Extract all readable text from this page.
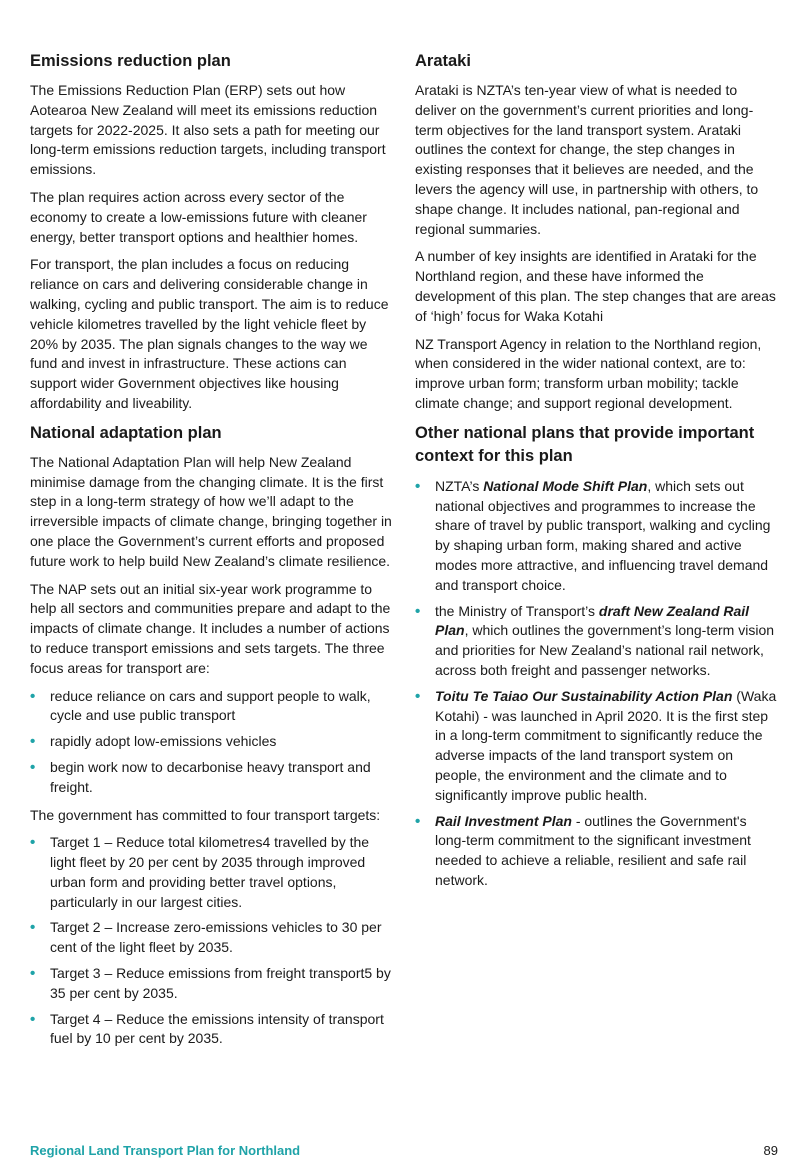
Emissions reduction plan

The Emissions Reduction Plan (ERP) sets out how Aotearoa New Zealand will meet its emissions reduction targets for 2022-2025. It also sets a path for meeting our long-term emissions reduction targets, including transport emissions.

The plan requires action across every sector of the economy to create a low-emissions future with cleaner energy, better transport options and healthier homes.

For transport, the plan includes a focus on reducing reliance on cars and delivering considerable change in walking, cycling and public transport. The aim is to reduce vehicle kilometres travelled by the light vehicle fleet by 20% by 2035. The plan signals changes to the way we fund and invest in infrastructure. These actions can support wider Government objectives like housing affordability and liveability.

National adaptation plan

The National Adaptation Plan will help New Zealand minimise damage from the changing climate. It is the first step in a long-term strategy of how we’ll adapt to the irreversible impacts of climate change, bringing together in one place the Government’s current efforts and proposed future work to help build New Zealand’s climate resilience.

The NAP sets out an initial six-year work programme to help all sectors and communities prepare and adapt to the impacts of climate change. It includes a number of actions to reduce transport emissions and sets targets. The three focus areas for transport are:

• reduce reliance on cars and support people to walk, cycle and use public transport
• rapidly adopt low-emissions vehicles
• begin work now to decarbonise heavy transport and freight.

The government has committed to four transport targets:

• Target 1 – Reduce total kilometres4 travelled by the light fleet by 20 per cent by 2035 through improved urban form and providing better travel options, particularly in our largest cities.
• Target 2 – Increase zero-emissions vehicles to 30 per cent of the light fleet by 2035.
• Target 3 – Reduce emissions from freight transport5 by 35 per cent by 2035.
• Target 4 – Reduce the emissions intensity of transport fuel by 10 per cent by 2035.
Arataki

Arataki is NZTA’s ten-year view of what is needed to deliver on the government’s current priorities and long-term objectives for the land transport system. Arataki outlines the context for change, the step changes in existing responses that it believes are needed, and the levers the agency will use, in partnership with others, to shape change. It includes national, pan-regional and regional summaries.

A number of key insights are identified in Arataki for the Northland region, and these have informed the development of this plan. The step changes that are areas of ‘high’ focus for Waka Kotahi

NZ Transport Agency in relation to the Northland region, when considered in the wider national context, are to: improve urban form; transform urban mobility; tackle climate change; and support regional development.

Other national plans that provide important context for this plan
• NZTA’s National Mode Shift Plan, which sets out national objectives and programmes to increase the share of travel by public transport, walking and cycling by shaping urban form, making shared and active modes more attractive, and influencing travel demand and transport choice.
• the Ministry of Transport’s draft New Zealand Rail Plan, which outlines the government’s long-term vision and priorities for New Zealand’s national rail network, across both freight and passenger networks.
• Toitu Te Taiao Our Sustainability Action Plan (Waka Kotahi) - was launched in April 2020. It is the first step in a long-term commitment to significantly reduce the adverse impacts of the land transport system on people, the environment and the climate and to significantly improve public health.
• Rail Investment Plan - outlines the Government's long-term commitment to the significant investment needed to achieve a reliable, resilient and safe rail network.
Regional Land Transport Plan for Northland	89
